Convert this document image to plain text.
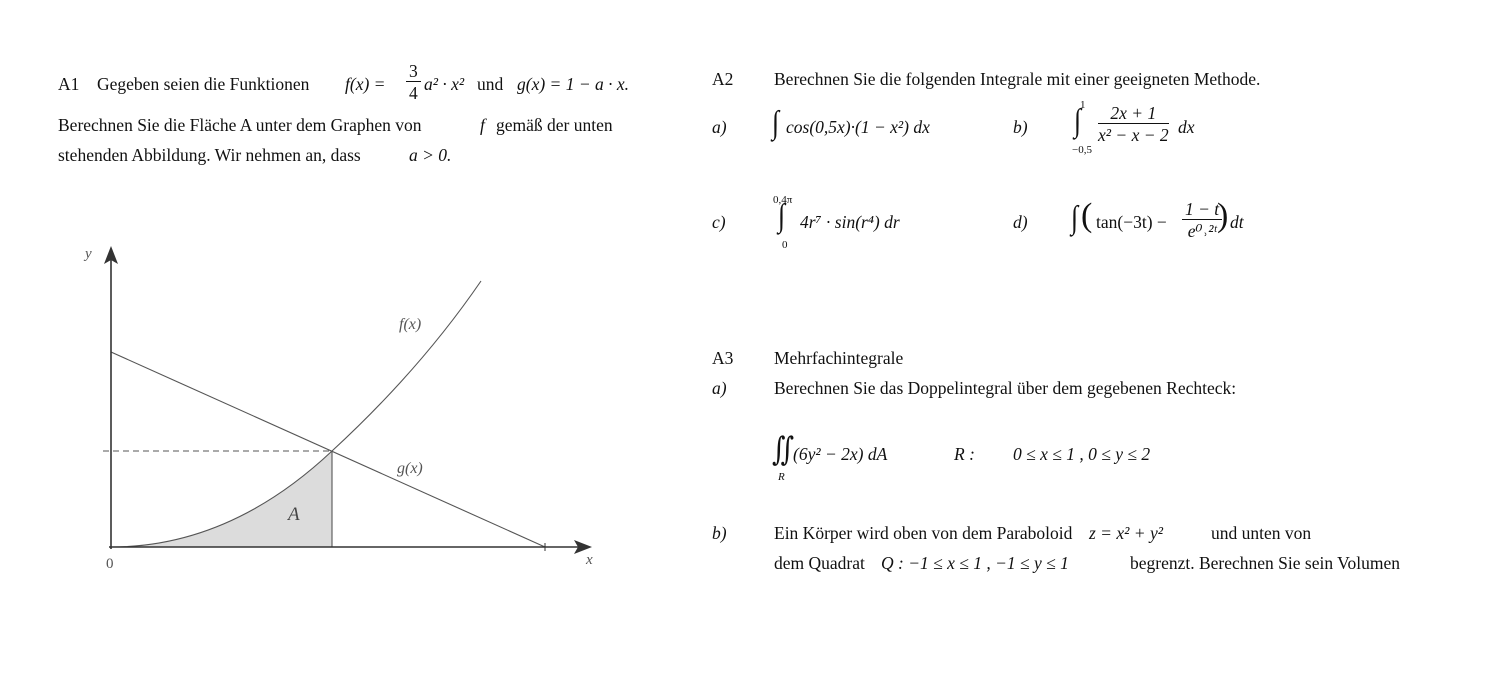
A1 Gegeben seien die Funktionen $f(x) = \frac{3}{4} a^2 \cdot x^2$ und g(x) = 1 − a · x.
Berechnen Sie die Fläche A unter dem Graphen von	f gemäß der unten
stehenden Abbildung. Wir nehmen an, dass	a > 0.
y
x
0
f(x)
g(x)
A
A2 Berechnen Sie die folgenden Integrale mit einer geeigneten Methode.
a) ∫ cos(0,5x)·(1 − x²) dx	b)
1
∫
−0,5
$\frac{2x + 1}{\text{x² − x − 2}}$ dx
c)
0,4π
∫
0
4r⁷ · sin(r⁴) dr	d) ∫ ( $\tan(-3t) - \frac{1 - t}{\text{e⁰˒²ᵗ}}$
) dt
A3 Mehrfachintegrale
a)	Berechnen Sie das Doppelintegral über dem gegebenen Rechteck:
∬
R
(6y² − 2x) dA	R : 0 ≤ x ≤ 1 , 0 ≤ y ≤ 2
b)	Ein Körper wird oben von dem Paraboloid z = x² + y²	und unten von
dem Quadrat Q : −1 ≤ x ≤ 1 , −1 ≤ y ≤ 1	begrenzt. Berechnen Sie sein Volumen
